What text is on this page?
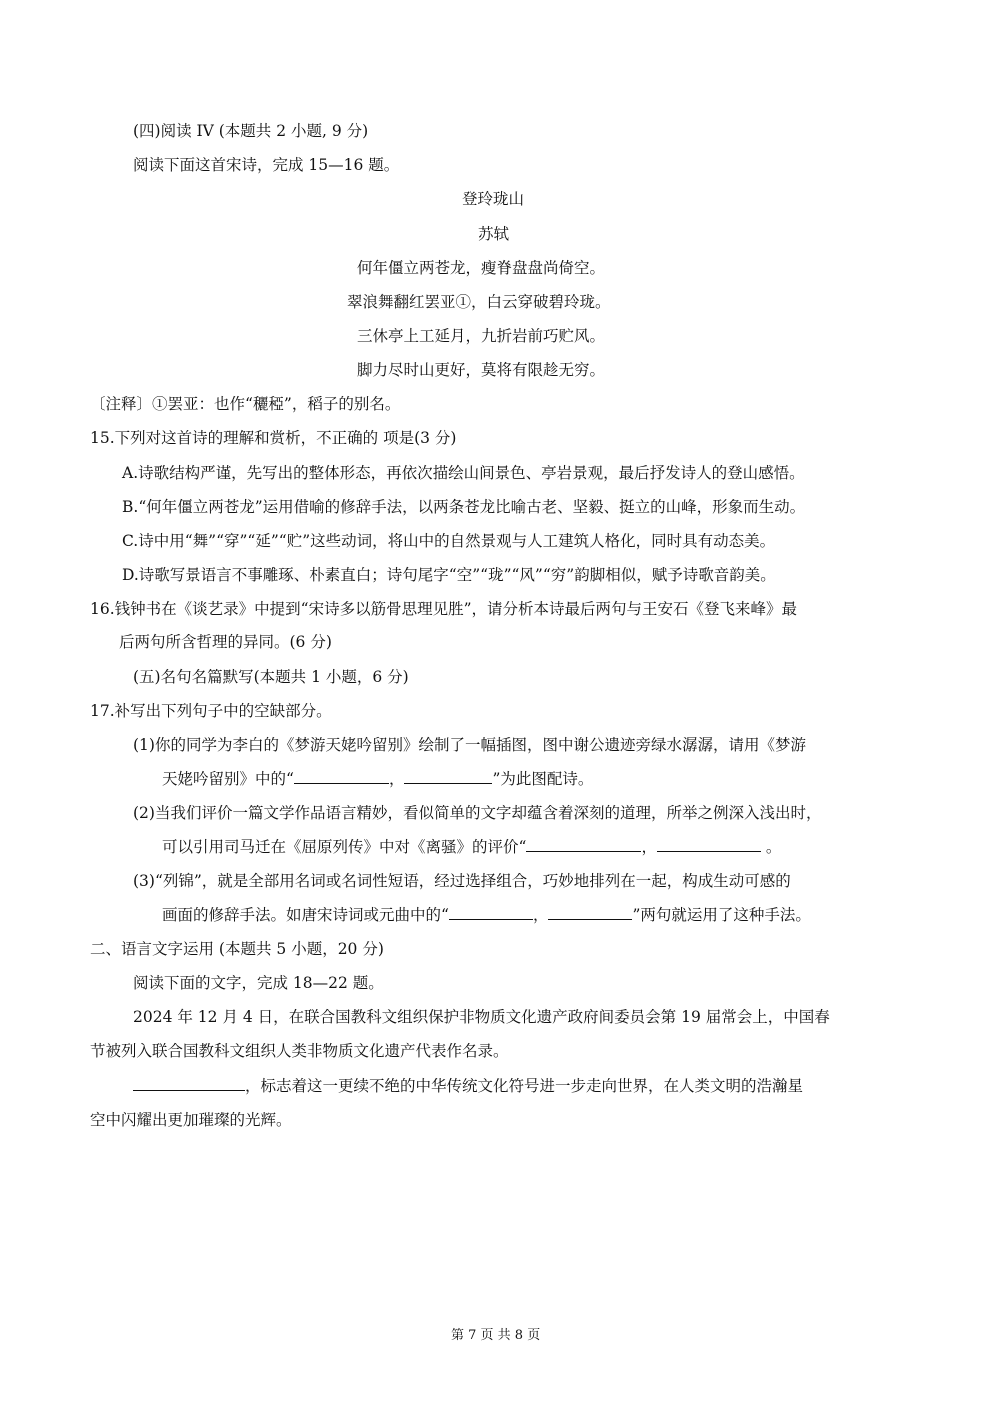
(四)阅读 IV (本题共 2 小题, 9 分)
阅读下面这首宋诗，完成 15—16 题。
登玲珑山
苏轼
何年僵立两苍龙，瘦脊盘盘尚倚空。
翠浪舞翻红罢亚①，白云穿破碧玲珑。
三休亭上工延月，九折岩前巧贮风。
脚力尽时山更好，莫将有限趁无穷。
〔注释〕①罢亚：也作“穲稏”，稻子的别名。
15.下列对这首诗的理解和赏析，不正确的 项是(3 分)
A.诗歌结构严谨，先写出的整体形态，再依次描绘山间景色、亭岩景观，最后抒发诗人的登山感悟。
B.“何年僵立两苍龙”运用借喻的修辞手法，以两条苍龙比喻古老、坚毅、挺立的山峰，形象而生动。
C.诗中用“舞”“穿”“延”“贮”这些动词，将山中的自然景观与人工建筑人格化，同时具有动态美。
D.诗歌写景语言不事雕琢、朴素直白；诗句尾字“空”“珑”“风”“穷”韵脚相似，赋予诗歌音韵美。
16.钱钟书在《谈艺录》中提到“宋诗多以筋骨思理见胜”，请分析本诗最后两句与王安石《登飞来峰》最
后两句所含哲理的异同。(6 分)
(五)名句名篇默写(本题共 1 小题，6 分)
17.补写出下列句子中的空缺部分。
(1)你的同学为李白的《梦游天姥吟留别》绘制了一幅插图，图中谢公遗迹旁绿水潺潺，请用《梦游
天姥吟留别》中的“	，	”为此图配诗。
(2)当我们评价一篇文学作品语言精妙，看似简单的文字却蕴含着深刻的道理，所举之例深入浅出时，
可以引用司马迁在《屈原列传》中对《离骚》的评价“	，	。
(3)“列锦”，就是全部用名词或名词性短语，经过选择组合，巧妙地排列在一起，构成生动可感的
画面的修辞手法。如唐宋诗词或元曲中的“	，	”两句就运用了这种手法。
二、语言文字运用 (本题共 5 小题，20 分)
阅读下面的文字，完成 18—22 题。
2024 年 12 月 4 日，在联合国教科文组织保护非物质文化遗产政府间委员会第 19 届常会上，中国春
节被列入联合国教科文组织人类非物质文化遗产代表作名录。
，标志着这一更续不绝的中华传统文化符号进一步走向世界，在人类文明的浩瀚星
空中闪耀出更加璀璨的光辉。
第 7 页 共 8 页
